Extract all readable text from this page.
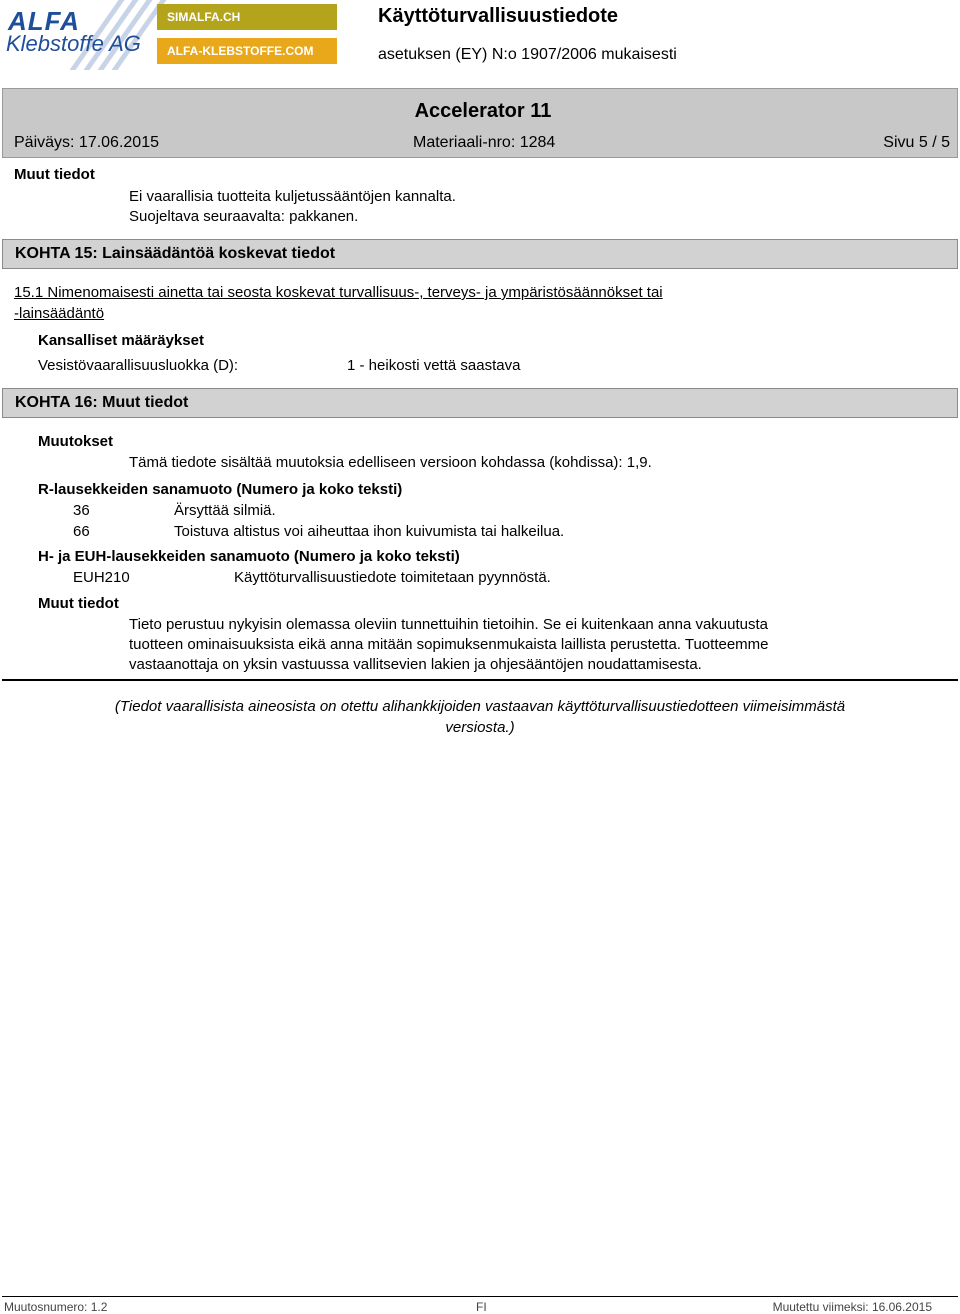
ALFA
Klebstoffe AG
SIMALFA.CH
ALFA-KLEBSTOFFE.COM
Käyttöturvallisuustiedote
asetuksen (EY) N:o 1907/2006 mukaisesti
Accelerator 11
Päiväys: 17.06.2015	Materiaali-nro: 1284	Sivu 5 / 5
Muut tiedot
Ei vaarallisia tuotteita kuljetussääntöjen kannalta.
Suojeltava seuraavalta: pakkanen.
KOHTA 15: Lainsäädäntöä koskevat tiedot
15.1 Nimenomaisesti ainetta tai seosta koskevat turvallisuus-, terveys- ja ympäristösäännökset tai
-lainsäädäntö
Kansalliset määräykset
Vesistövaarallisuusluokka (D):	1 - heikosti vettä saastava
KOHTA 16: Muut tiedot
Muutokset
Tämä tiedote sisältää muutoksia edelliseen versioon kohdassa (kohdissa): 1,9.
R-lausekkeiden sanamuoto (Numero ja koko teksti)
36	Ärsyttää silmiä.
66	Toistuva altistus voi aiheuttaa ihon kuivumista tai halkeilua.
H- ja EUH-lausekkeiden sanamuoto (Numero ja koko teksti)
EUH210	Käyttöturvallisuustiedote toimitetaan pyynnöstä.
Muut tiedot
Tieto perustuu nykyisin olemassa oleviin tunnettuihin tietoihin. Se ei kuitenkaan anna vakuutusta
tuotteen ominaisuuksista eikä anna mitään sopimuksenmukaista laillista perustetta. Tuotteemme
vastaanottaja on yksin vastuussa vallitsevien lakien ja ohjesääntöjen noudattamisesta.
(Tiedot vaarallisista aineosista on otettu alihankkijoiden vastaavan käyttöturvallisuustiedotteen viimeisimmästä
versiosta.)
Muutosnumero: 1.2	FI	Muutettu viimeksi: 16.06.2015
